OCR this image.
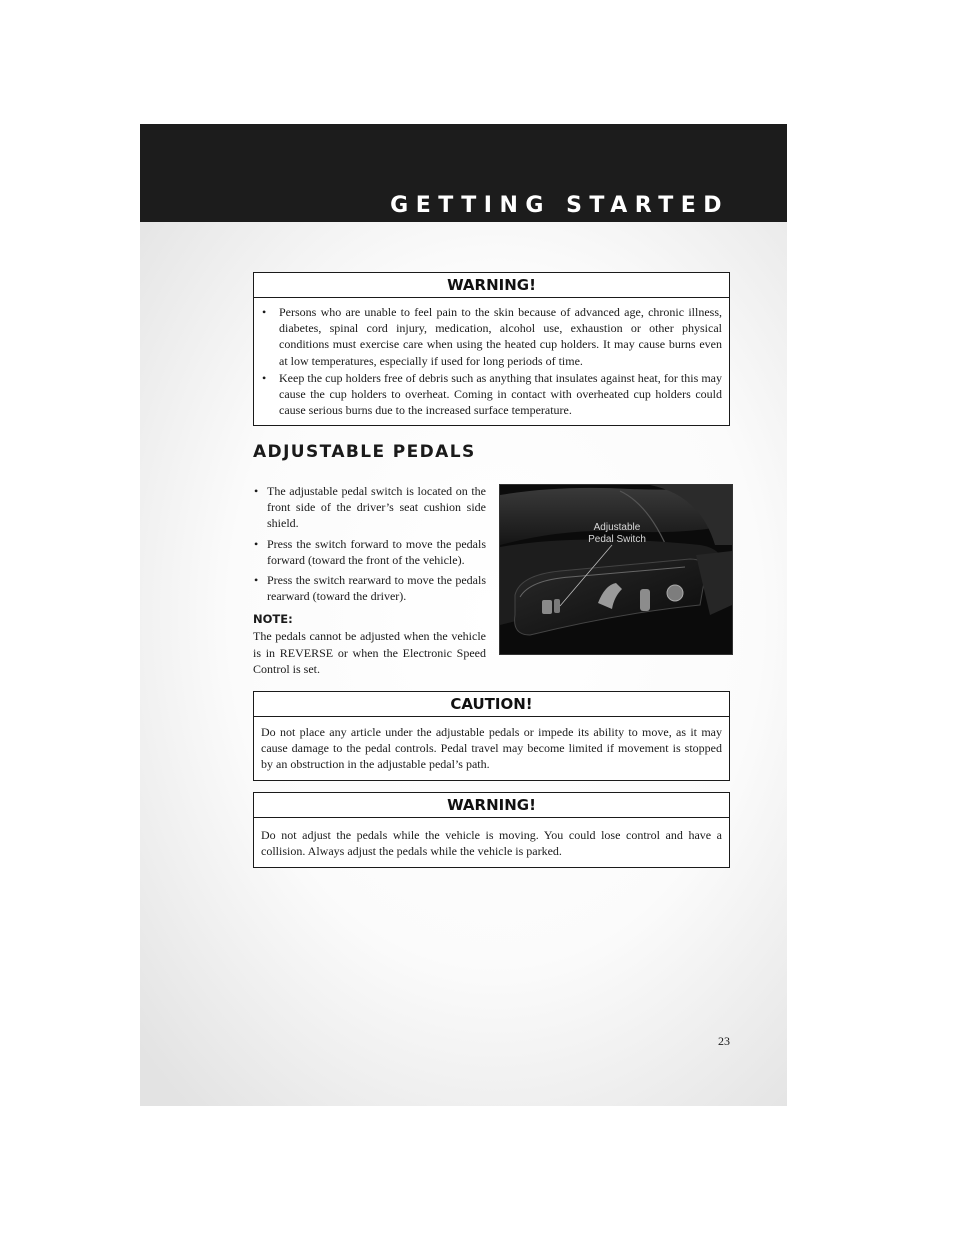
GETTING STARTED
WARNING!
• Persons who are unable to feel pain to the skin because of advanced age, chronic illness, diabetes, spinal cord injury, medication, alcohol use, exhaustion or other physical conditions must exercise care when using the heated cup holders. It may cause burns even at low temperatures, especially if used for long periods of time.
• Keep the cup holders free of debris such as anything that insulates against heat, for this may cause the cup holders to overheat. Coming in contact with overheated cup holders could cause serious burns due to the increased surface temperature.
ADJUSTABLE PEDALS
• The adjustable pedal switch is located on the front side of the driver’s seat cushion side shield.
• Press the switch forward to move the pedals forward (toward the front of the vehicle).
• Press the switch rearward to move the pedals rearward (toward the driver).
NOTE:
The pedals cannot be adjusted when the vehicle is in REVERSE or when the Electronic Speed Control is set.
Adjustable
Pedal Switch
CAUTION!
Do not place any article under the adjustable pedals or impede its ability to move, as it may cause damage to the pedal controls. Pedal travel may become limited if movement is stopped by an obstruction in the adjustable pedal’s path.
WARNING!
Do not adjust the pedals while the vehicle is moving. You could lose control and have a collision. Always adjust the pedals while the vehicle is parked.
23
